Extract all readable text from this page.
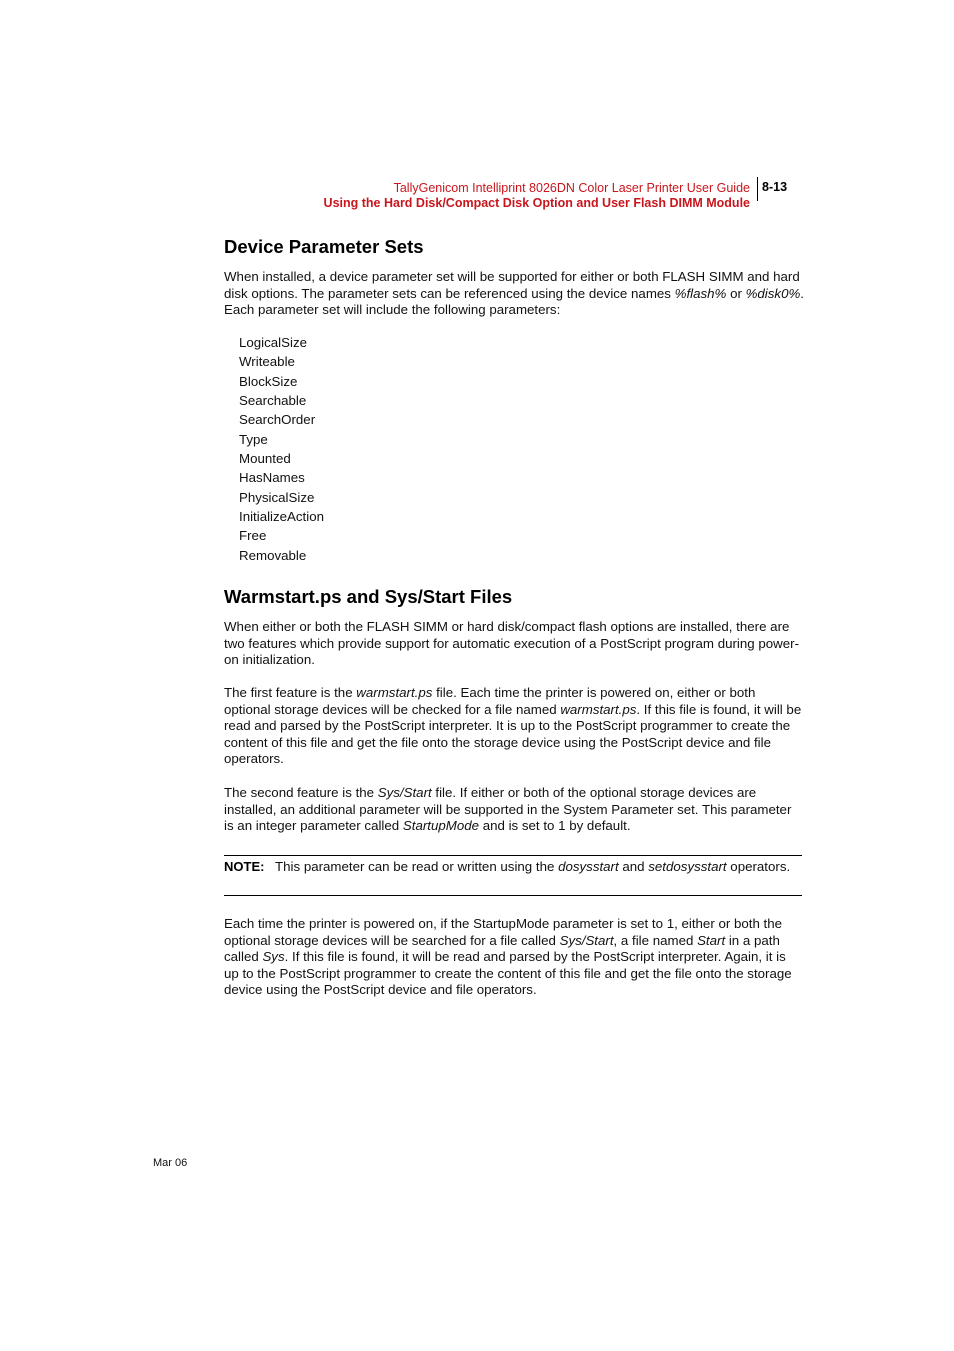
TallyGenicom Intelliprint 8026DN Color Laser Printer User Guide
Using the Hard Disk/Compact Disk Option and User Flash DIMM Module
8-13
Device Parameter Sets

When installed, a device parameter set will be supported for either or both FLASH SIMM and hard disk options. The parameter sets can be referenced using the device names %flash% or %disk0%. Each parameter set will include the following parameters:

LogicalSize
Writeable
BlockSize
Searchable
SearchOrder
Type
Mounted
HasNames
PhysicalSize
InitializeAction
Free
Removable
Warmstart.ps and Sys/Start Files

When either or both the FLASH SIMM or hard disk/compact flash options are installed, there are two features which provide support for automatic execution of a PostScript program during power-on initialization.

The first feature is the warmstart.ps file. Each time the printer is powered on, either or both optional storage devices will be checked for a file named warmstart.ps. If this file is found, it will be read and parsed by the PostScript interpreter. It is up to the PostScript programmer to create the content of this file and get the file onto the storage device using the PostScript device and file operators.

The second feature is the Sys/Start file. If either or both of the optional storage devices are installed, an additional parameter will be supported in the System Parameter set. This parameter is an integer parameter called StartupMode and is set to 1 by default.

NOTE: This parameter can be read or written using the dosysstart and setdosysstart operators.

Each time the printer is powered on, if the StartupMode parameter is set to 1, either or both the optional storage devices will be searched for a file called Sys/Start, a file named Start in a path called Sys. If this file is found, it will be read and parsed by the PostScript interpreter. Again, it is up to the PostScript programmer to create the content of this file and get the file onto the storage device using the PostScript device and file operators.

Mar 06
